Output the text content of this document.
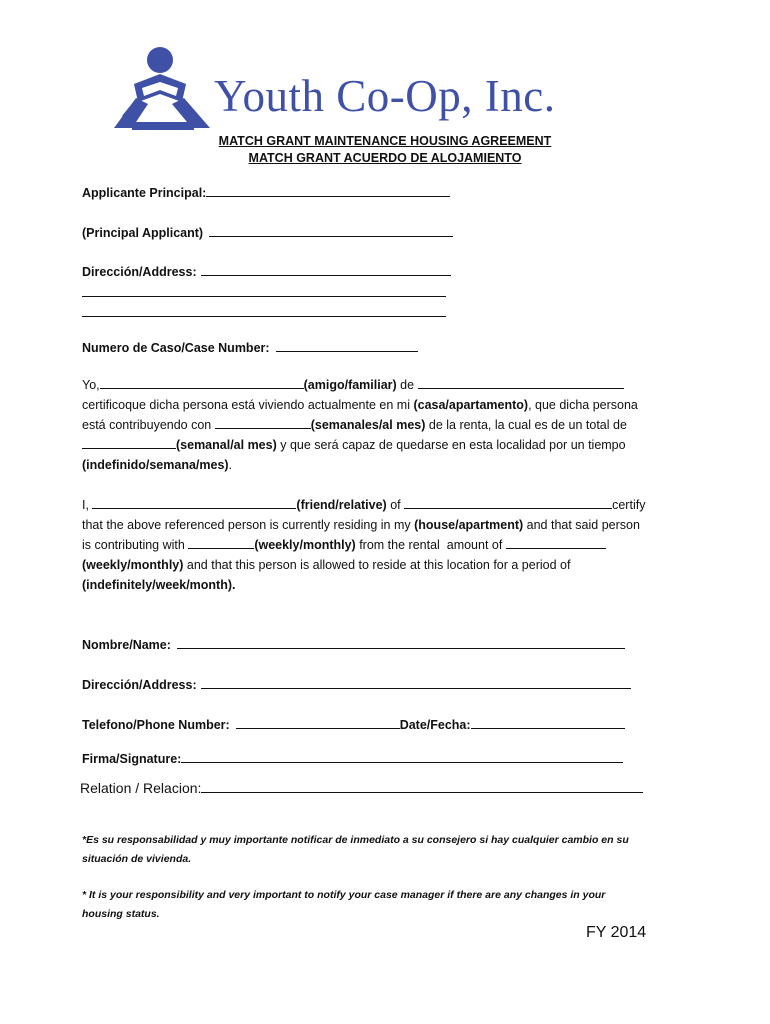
Youth Co-Op, Inc.
MATCH GRANT MAINTENANCE HOUSING AGREEMENT
MATCH GRANT ACUERDO DE ALOJAMIENTO
Applicante Principal:
(Principal Applicant)
Dirección/Address:
Numero de Caso/Case Number:
Yo,	(amigo/familiar) de
certificoque dicha persona está viviendo actualmente en mi (casa/apartamento), que dicha persona
está contribuyendo con	(semanales/al mes) de la renta, la cual es de un total de
(semanal/al mes) y que será capaz de quedarse en esta localidad por un tiempo
(indefinido/semana/mes).
I,	(friend/relative) of	certify
that the above referenced person is currently residing in my (house/apartment) and that said person
is contributing with	(weekly/monthly) from the rental  amount of
(weekly/monthly) and that this person is allowed to reside at this location for a period of
(indefinitely/week/month).
Nombre/Name:
Dirección/Address:
Telefono/Phone Number:	Date/Fecha:
Firma/Signature:
Relation / Relacion:
*Es su responsabilidad y muy importante notificar de inmediato a su consejero si hay cualquier cambio en su
situación de vivienda.
* It is your responsibility and very important to notify your case manager if there are any changes in your
housing status.
FY 2014
